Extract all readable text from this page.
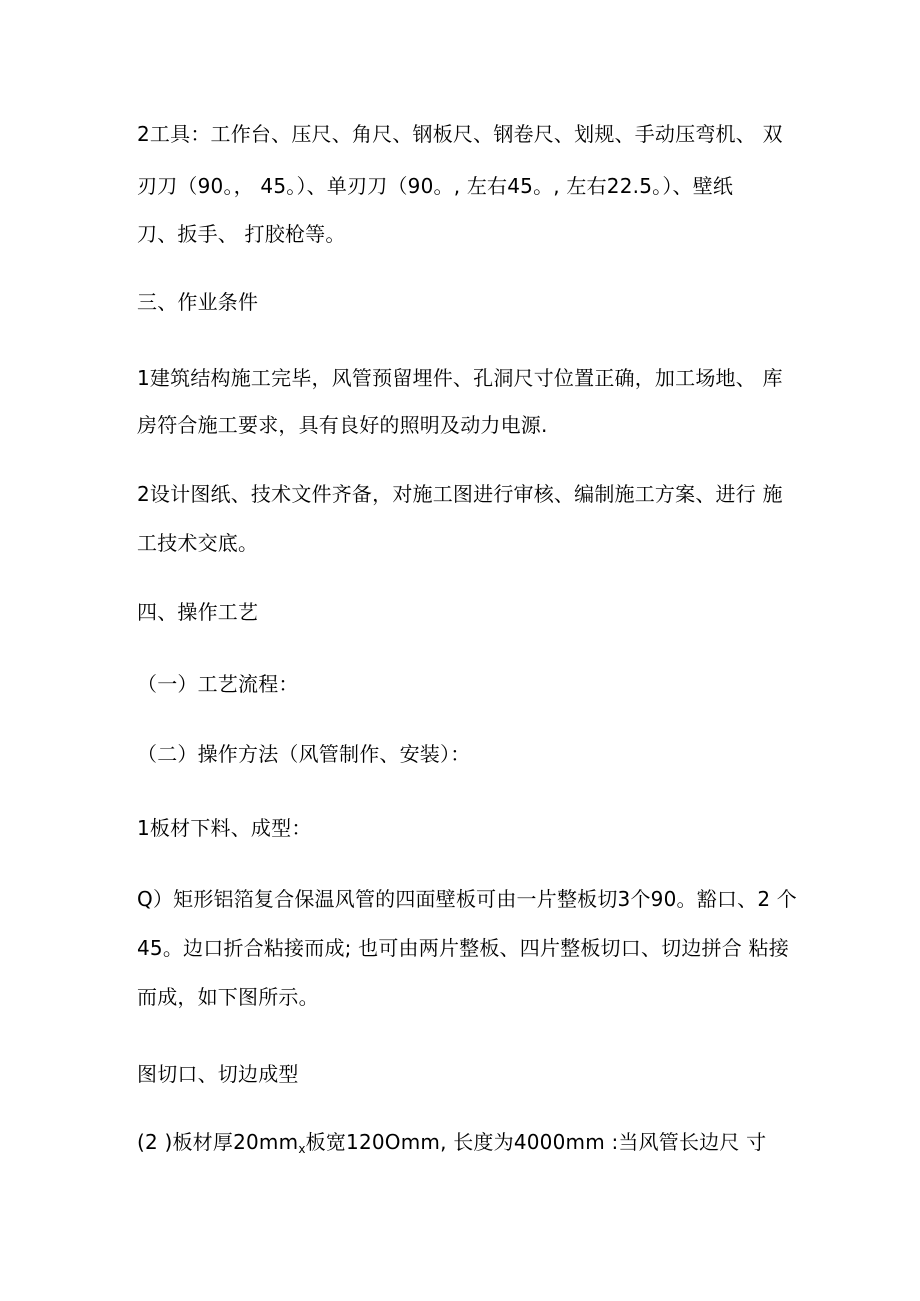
2工具：工作台、压尺、角尺、钢板尺、钢卷尺、划规、手动压弯机、 双
刃刀（90。， 45。）、单刃刀（90。, 左右45。, 左右22.5。）、壁纸
刀、扳手、 打胶枪等。
三、作业条件
1建筑结构施工完毕，风管预留埋件、孔洞尺寸位置正确，加工场地、 库
房符合施工要求，具有良好的照明及动力电源.
2设计图纸、技术文件齐备，对施工图进行审核、编制施工方案、进行 施
工技术交底。
四、操作工艺
（一）工艺流程：
（二）操作方法（风管制作、安装）：
1板材下料、成型：
Q）矩形铝箔复合保温风管的四面壁板可由一片整板切3个90。豁口、2 个
45。边口折合粘接而成; 也可由两片整板、四片整板切口、切边拼合 粘接
而成，如下图所示。
图切口、切边成型
(2 )板材厚$20mm_x$板宽120Omm, 长度为4000mm :当风管长边尺 寸
